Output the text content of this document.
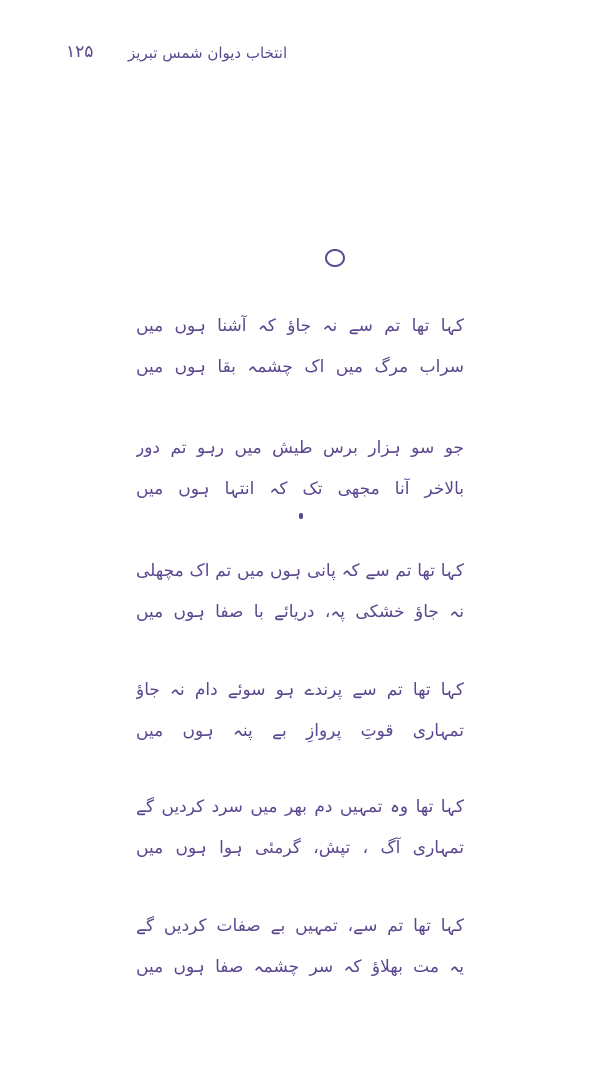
۱۲۵ انتخاب دیوان شمس تبریز
کہا تھا تم سے نہ جاؤ کہ آشنا ہوں میں
سراب مرگ میں اک چشمہ بقا ہوں میں
جو سو ہزار برس طیش میں رہو تم دور
بالاخر آنا مجھی تک کہ انتہا ہوں میں
کہا تھا تم سے کہ پانی ہوں میں تم اک مچھلی
نہ جاؤ خشکی پہ، دریائے با صفا ہوں میں
کہا تھا تم سے پرندے ہو سوئے دام نہ جاؤ
تمہاری قوتِ پروازِ بے پنہ ہوں میں
کہا تھا وہ تمہیں دم بھر میں سرد کردیں گے
تمہاری آگ ، تپش، گرمئی ہوا ہوں میں
کہا تھا تم سے، تمہیں بے صفات کردیں گے
یہ مت بھلاؤ کہ سر چشمہ صفا ہوں میں
